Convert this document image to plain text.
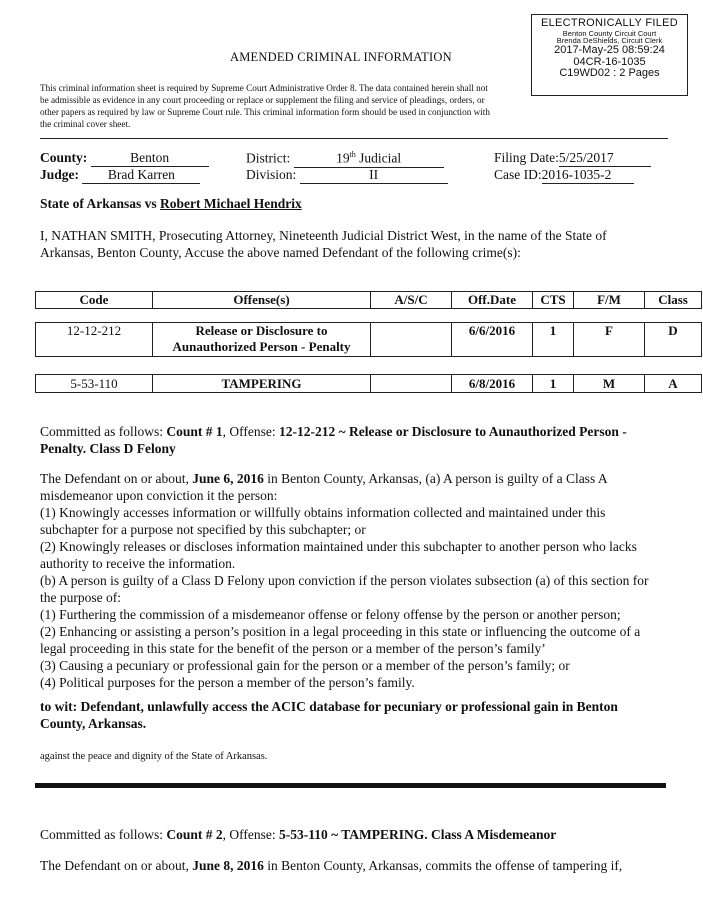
ELECTRONICALLY FILED
Benton County Circuit Court
Brenda DeShields, Circuit Clerk
2017-May-25 08:59:24
04CR-16-1035
C19WD02 : 2 Pages
AMENDED CRIMINAL INFORMATION
This criminal information sheet is required by Supreme Court Administrative Order 8. The data contained herein shall not be admissible as evidence in any court proceeding or replace or supplement the filing and service of pleadings, orders, or other papers as required by law or Supreme Court rule. This criminal information form should be used in conjunction with the criminal cover sheet.
County:	Benton
Judge: Brad Karren
District:	19th Judicial
Division:	II
Filing Date:5/25/2017
Case ID:2016-1035-2
State of Arkansas vs Robert Michael Hendrix
I, NATHAN SMITH, Prosecuting Attorney, Nineteenth Judicial District West, in the name of the State of Arkansas, Benton County, Accuse the above named Defendant of the following crime(s):
Code	Offense(s)	A/S/C	Off.Date	CTS	F/M	Class
12-12-212	Release or Disclosure to
Aunauthorized Person - Penalty
		6/6/2016	1	F	D
5-53-110	TAMPERING		6/8/2016	1	M	A
Committed as follows: Count # 1, Offense: 12-12-212 ~ Release or Disclosure to Aunauthorized Person - Penalty. Class D Felony
The Defendant on or about, June 6, 2016 in Benton County, Arkansas, (a) A person is guilty of a Class A misdemeanor upon conviction it the person:
(1) Knowingly accesses information or willfully obtains information collected and maintained under this subchapter for a purpose not specified by this subchapter; or
(2) Knowingly releases or discloses information maintained under this subchapter to another person who lacks authority to receive the information.
(b) A person is guilty of a Class D Felony upon conviction if the person violates subsection (a) of this section for the purpose of:
(1) Furthering the commission of a misdemeanor offense or felony offense by the person or another person;
(2) Enhancing or assisting a person’s position in a legal proceeding in this state or influencing the outcome of a legal proceeding in this state for the benefit of the person or a member of the person’s family’
(3) Causing a pecuniary or professional gain for the person or a member of the person’s family; or
(4) Political purposes for the person a member of the person’s family.
to wit: Defendant, unlawfully access the ACIC database for pecuniary or professional gain in Benton County, Arkansas.
against the peace and dignity of the State of Arkansas.
Committed as follows: Count # 2, Offense: 5-53-110 ~ TAMPERING. Class A Misdemeanor
The Defendant on or about, June 8, 2016 in Benton County, Arkansas, commits the offense of tampering if,
